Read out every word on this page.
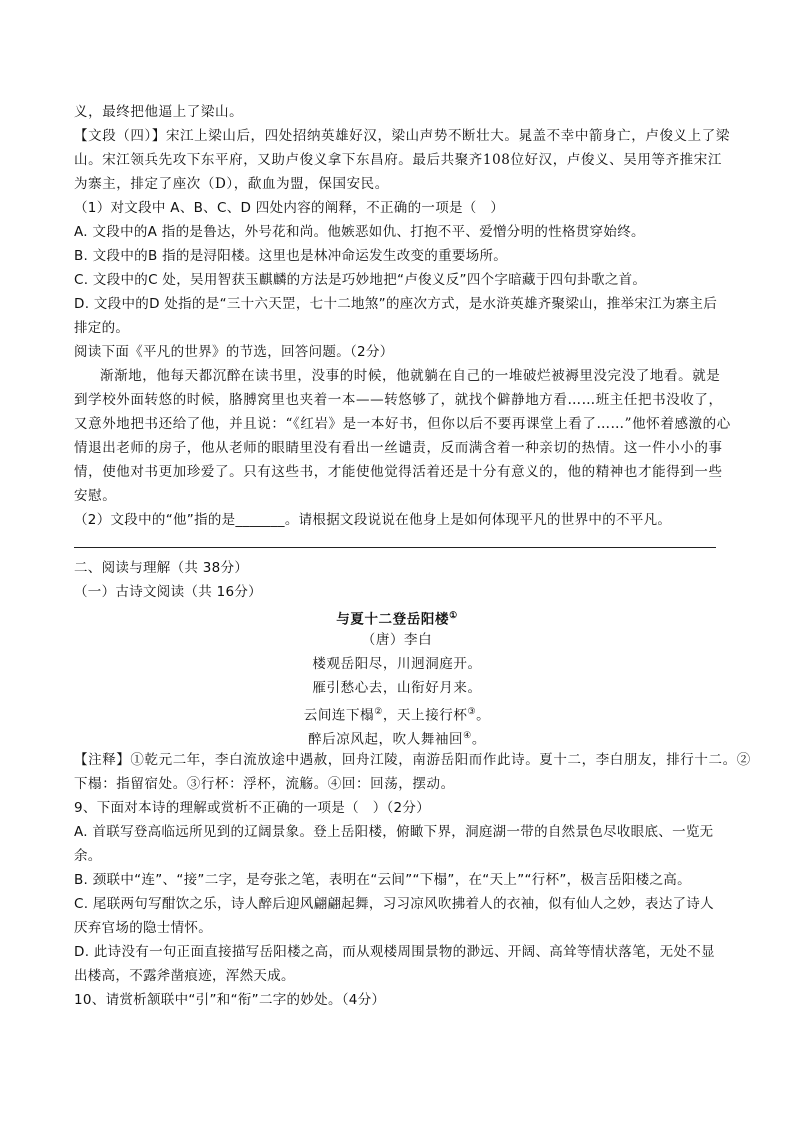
义，最终把他逼上了梁山。
【文段（四）】宋江上梁山后，四处招纳英雄好汉，梁山声势不断壮大。晁盖不幸中箭身亡，卢俊义上了梁
山。宋江领兵先攻下东平府，又助卢俊义拿下东昌府。最后共聚齐108位好汉，卢俊义、吴用等齐推宋江
为寨主，排定了座次（D），歃血为盟，保国安民。
（1）对文段中 A、B、C、D 四处内容的阐释，不正确的一项是（　）
A. 文段中的A 指的是鲁达，外号花和尚。他嫉恶如仇、打抱不平、爱憎分明的性格贯穿始终。
B. 文段中的B 指的是浔阳楼。这里也是林冲命运发生改变的重要场所。
C. 文段中的C 处，吴用智获玉麒麟的方法是巧妙地把“卢俊义反”四个字暗藏于四句卦歌之首。
D. 文段中的D 处指的是“三十六天罡，七十二地煞”的座次方式，是水浒英雄齐聚梁山，推举宋江为寨主后
排定的。
阅读下面《平凡的世界》的节选，回答问题。（2分）
渐渐地，他每天都沉醉在读书里，没事的时候，他就躺在自己的一堆破烂被褥里没完没了地看。就是
到学校外面转悠的时候，胳膊窝里也夹着一本——转悠够了，就找个僻静地方看……班主任把书没收了，
又意外地把书还给了他，并且说：“《红岩》是一本好书，但你以后不要再课堂上看了……”他怀着感激的心
情退出老师的房子，他从老师的眼睛里没有看出一丝谴责，反而满含着一种亲切的热情。这一件小小的事
情，使他对书更加珍爱了。只有这些书，才能使他觉得活着还是十分有意义的，他的精神也才能得到一些
安慰。
（2）文段中的“他”指的是_______。请根据文段说说在他身上是如何体现平凡的世界中的不平凡。
二、阅读与理解（共 38分）
（一）古诗文阅读（共 16分）
与夏十二登岳阳楼①
（唐）李白
楼观岳阳尽，川迥洞庭开。
雁引愁心去，山衔好月来。
云间连下榻②，天上接行杯③。
醉后凉风起，吹人舞袖回④。
【注释】①乾元二年，李白流放途中遇赦，回舟江陵，南游岳阳而作此诗。夏十二，李白朋友，排行十二。②
下榻：指留宿处。③行杯：浮杯，流觞。④回：回荡，摆动。
9、下面对本诗的理解或赏析不正确的一项是（　）（2分）
A. 首联写登高临远所见到的辽阔景象。登上岳阳楼，俯瞰下界，洞庭湖一带的自然景色尽收眼底、一览无
余。
B. 颈联中“连”、“接”二字，是夸张之笔，表明在“云间”“下榻”，在“天上”“行杯”，极言岳阳楼之高。
C. 尾联两句写酣饮之乐，诗人醉后迎风翩翩起舞，习习凉风吹拂着人的衣袖，似有仙人之妙，表达了诗人
厌弃官场的隐士情怀。
D. 此诗没有一句正面直接描写岳阳楼之高，而从观楼周围景物的渺远、开阔、高耸等情状落笔，无处不显
出楼高，不露斧凿痕迹，浑然天成。
10、请赏析颔联中“引”和“衔”二字的妙处。（4分）
